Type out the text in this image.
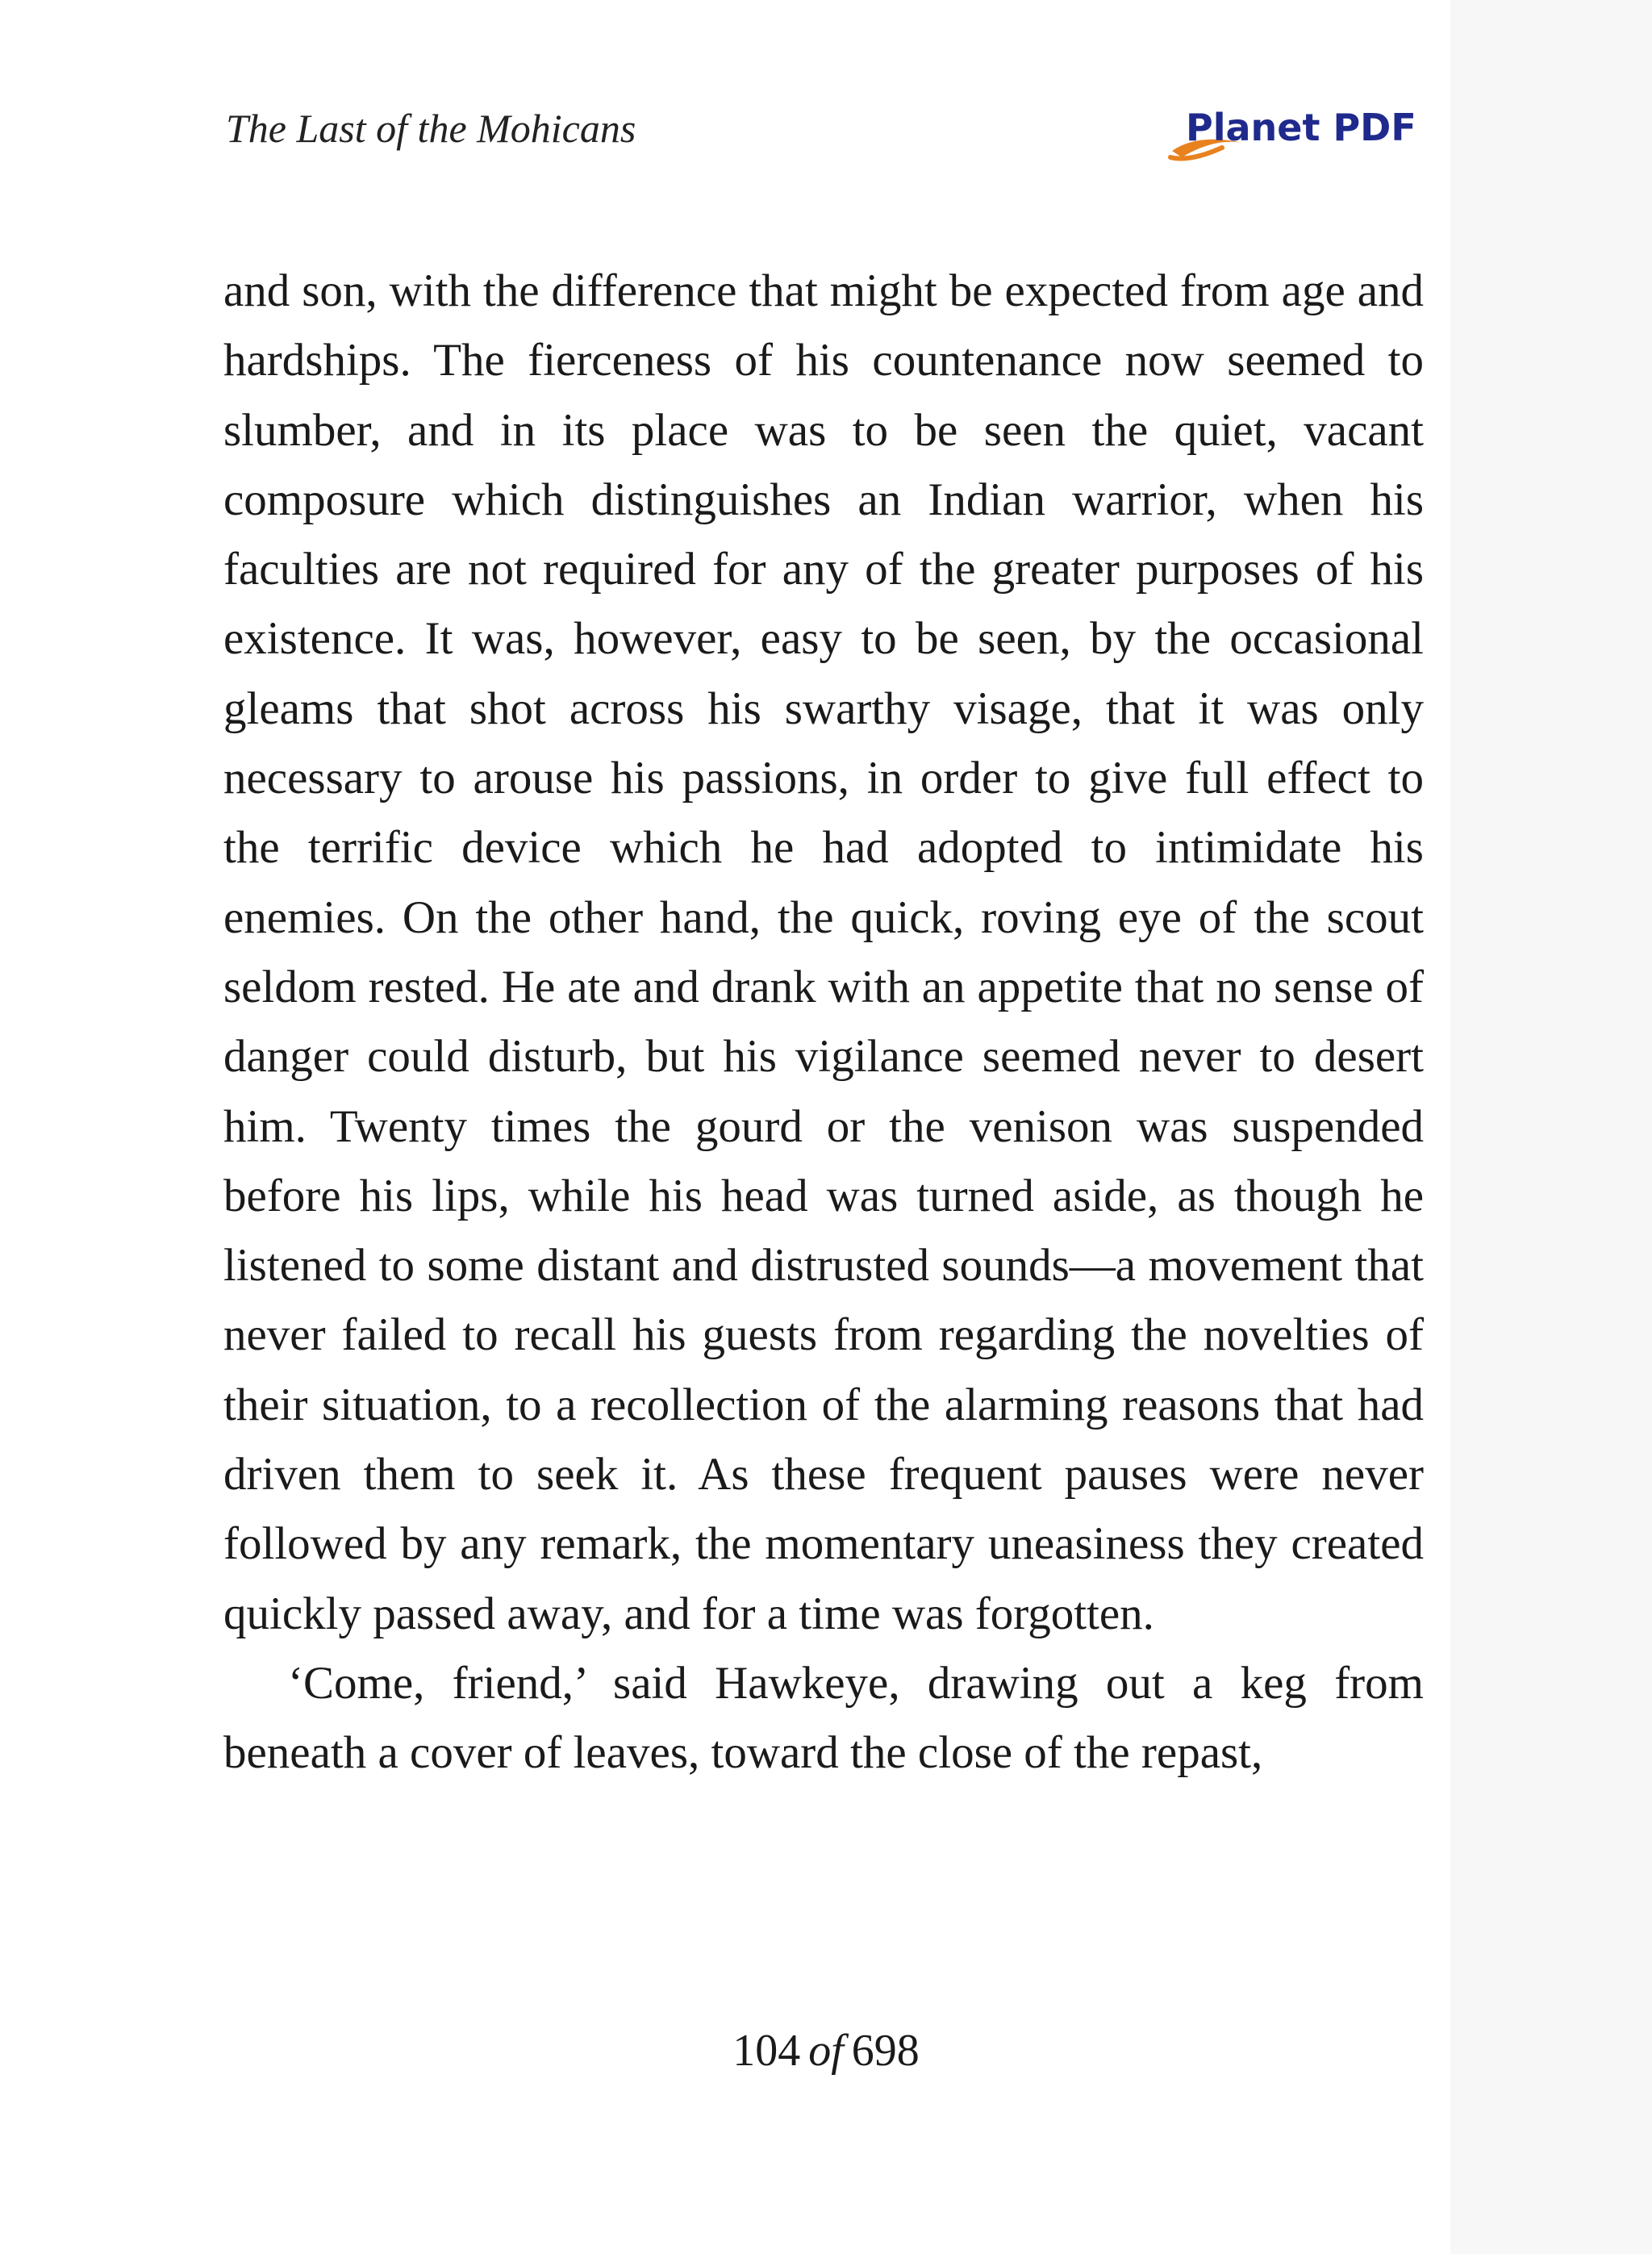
The Last of the Mohicans	Planet PDF

and son, with the difference that might be expected from age and hardships. The fierceness of his countenance now seemed to slumber, and in its place was to be seen the quiet, vacant composure which distinguishes an Indian warrior, when his faculties are not required for any of the greater purposes of his existence. It was, however, easy to be seen, by the occasional gleams that shot across his swarthy visage, that it was only necessary to arouse his passions, in order to give full effect to the terrific device which he had adopted to intimidate his enemies. On the other hand, the quick, roving eye of the scout seldom rested. He ate and drank with an appetite that no sense of danger could disturb, but his vigilance seemed never to desert him. Twenty times the gourd or the venison was suspended before his lips, while his head was turned aside, as though he listened to some distant and distrusted sounds—a movement that never failed to recall his guests from regarding the novelties of their situation, to a recollection of the alarming reasons that had driven them to seek it. As these frequent pauses were never followed by any remark, the momentary uneasiness they created quickly passed away, and for a time was forgotten.

‘Come, friend,’ said Hawkeye, drawing out a keg from beneath a cover of leaves, toward the close of the repast,

104 of 698
